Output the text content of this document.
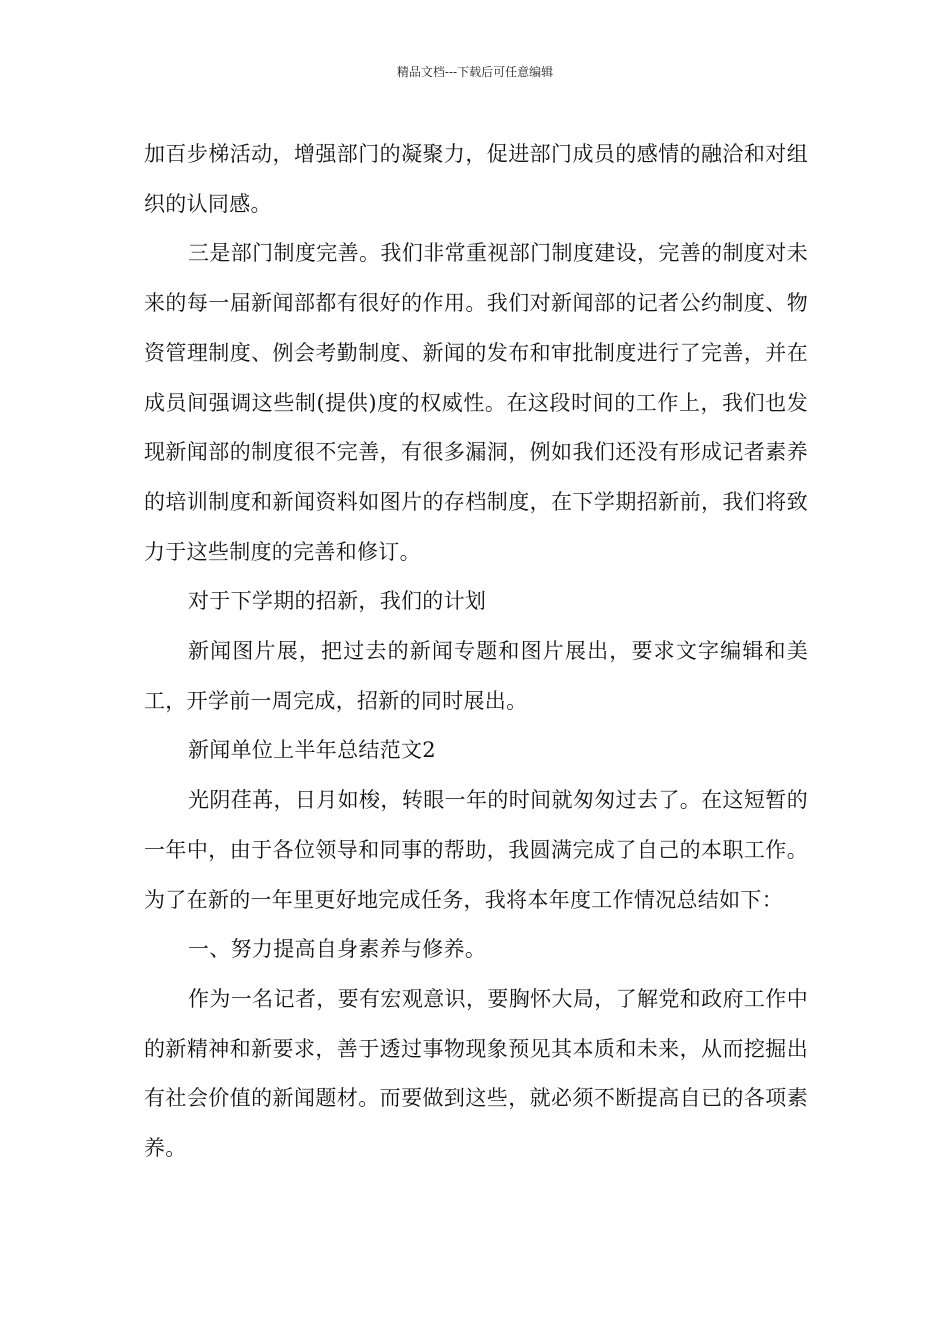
精品文档---下载后可任意编辑

加百步梯活动，增强部门的凝聚力，促进部门成员的感情的融洽和对组织的认同感。

三是部门制度完善。我们非常重视部门制度建设，完善的制度对未来的每一届新闻部都有很好的作用。我们对新闻部的记者公约制度、物资管理制度、例会考勤制度、新闻的发布和审批制度进行了完善，并在成员间强调这些制(提供)度的权威性。在这段时间的工作上，我们也发现新闻部的制度很不完善，有很多漏洞，例如我们还没有形成记者素养的培训制度和新闻资料如图片的存档制度，在下学期招新前，我们将致力于这些制度的完善和修订。

对于下学期的招新，我们的计划

新闻图片展，把过去的新闻专题和图片展出，要求文字编辑和美工，开学前一周完成，招新的同时展出。

新闻单位上半年总结范文2

光阴荏苒，日月如梭，转眼一年的时间就匆匆过去了。在这短暂的一年中，由于各位领导和同事的帮助，我圆满完成了自己的本职工作。为了在新的一年里更好地完成任务，我将本年度工作情况总结如下：

一、努力提高自身素养与修养。

作为一名记者，要有宏观意识，要胸怀大局，了解党和政府工作中的新精神和新要求，善于透过事物现象预见其本质和未来，从而挖掘出有社会价值的新闻题材。而要做到这些，就必须不断提高自已的各项素养。
